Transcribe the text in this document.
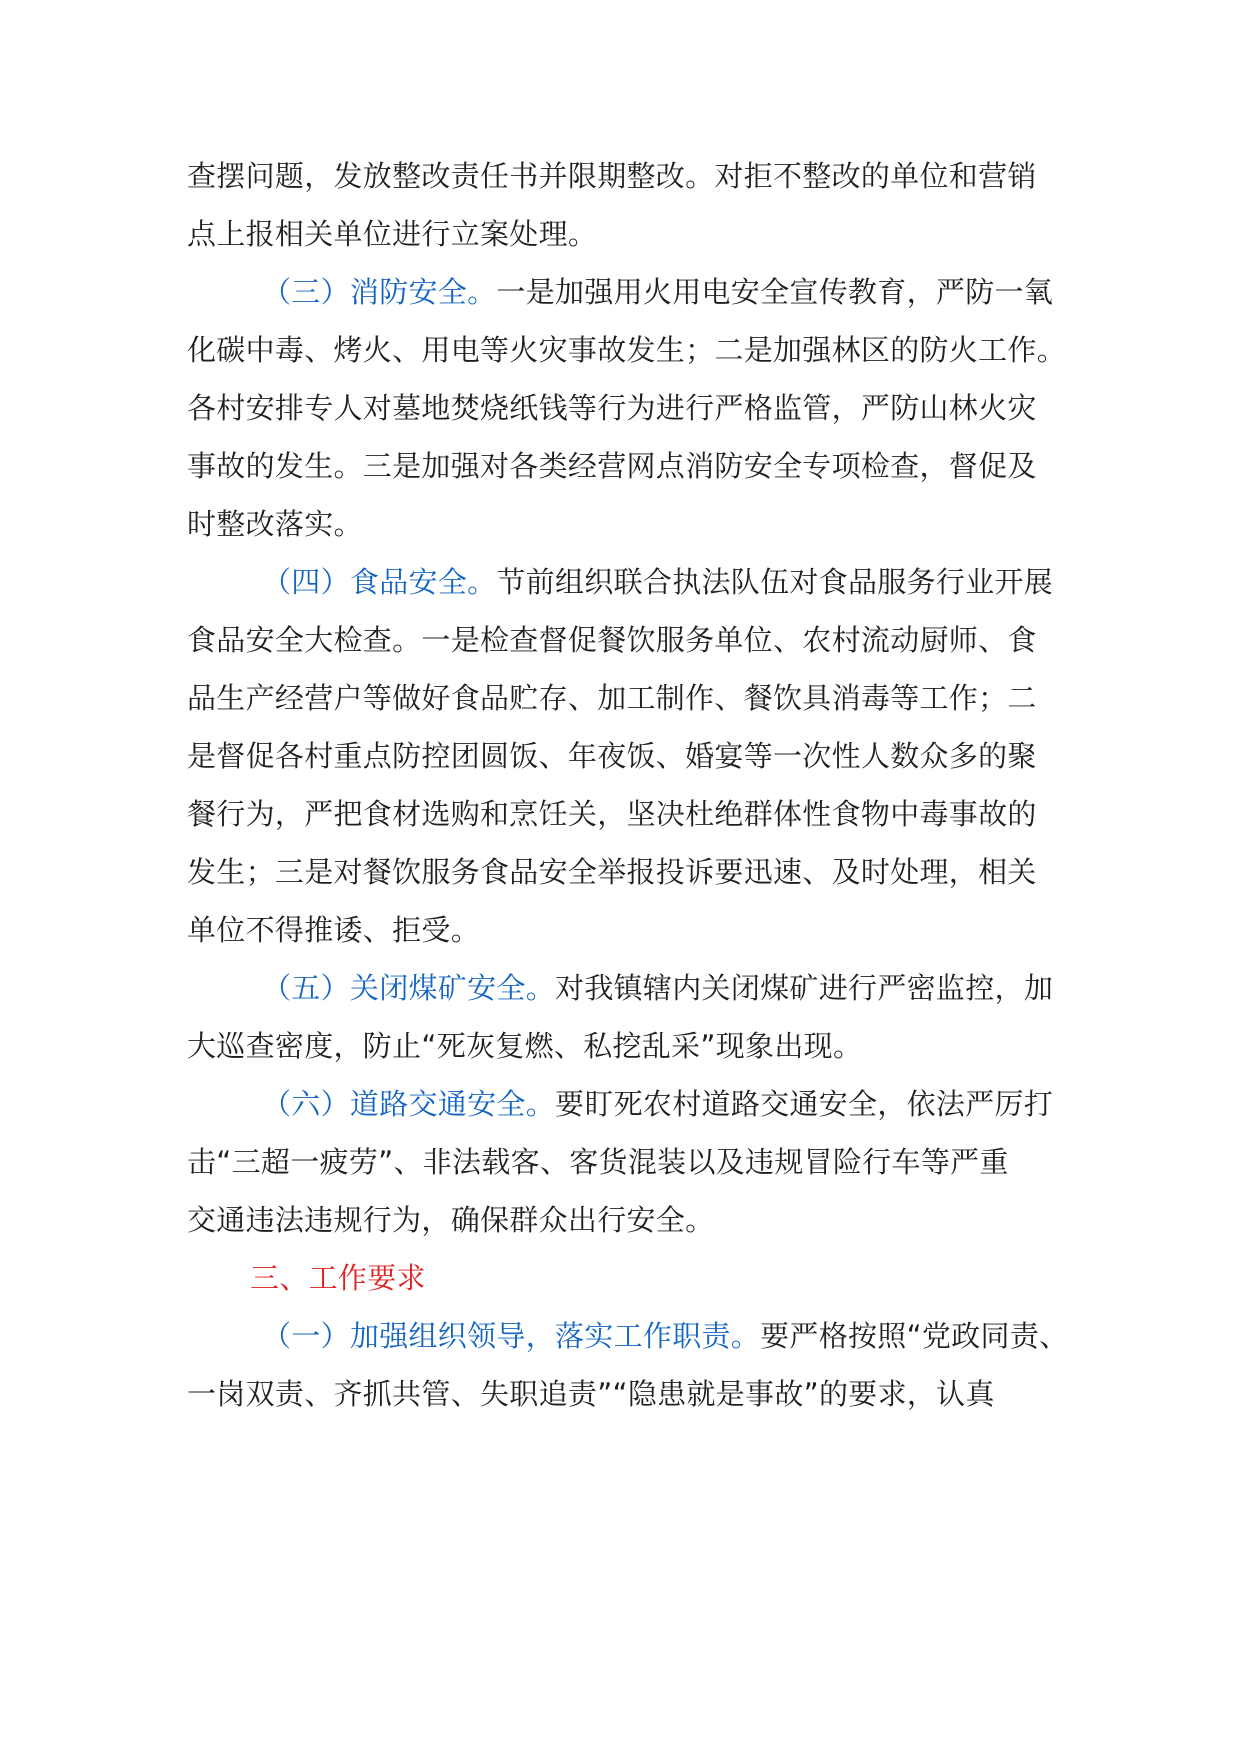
查摆问题，发放整改责任书并限期整改。对拒不整改的单位和营销
点上报相关单位进行立案处理。
（三）消防安全。一是加强用火用电安全宣传教育，严防一氧
化碳中毒、烤火、用电等火灾事故发生；二是加强林区的防火工作。
各村安排专人对墓地焚烧纸钱等行为进行严格监管，严防山林火灾
事故的发生。三是加强对各类经营网点消防安全专项检查，督促及
时整改落实。
（四）食品安全。节前组织联合执法队伍对食品服务行业开展
食品安全大检查。一是检查督促餐饮服务单位、农村流动厨师、食
品生产经营户等做好食品贮存、加工制作、餐饮具消毒等工作；二
是督促各村重点防控团圆饭、年夜饭、婚宴等一次性人数众多的聚
餐行为，严把食材选购和烹饪关，坚决杜绝群体性食物中毒事故的
发生；三是对餐饮服务食品安全举报投诉要迅速、及时处理，相关
单位不得推诿、拒受。
（五）关闭煤矿安全。对我镇辖内关闭煤矿进行严密监控，加
大巡查密度，防止“死灰复燃、私挖乱采”现象出现。
（六）道路交通安全。要盯死农村道路交通安全，依法严厉打
击“三超一疲劳”、非法载客、客货混装以及违规冒险行车等严重
交通违法违规行为，确保群众出行安全。
三、工作要求
（一）加强组织领导，落实工作职责。要严格按照“党政同责、
一岗双责、齐抓共管、失职追责”“隐患就是事故”的要求，认真
